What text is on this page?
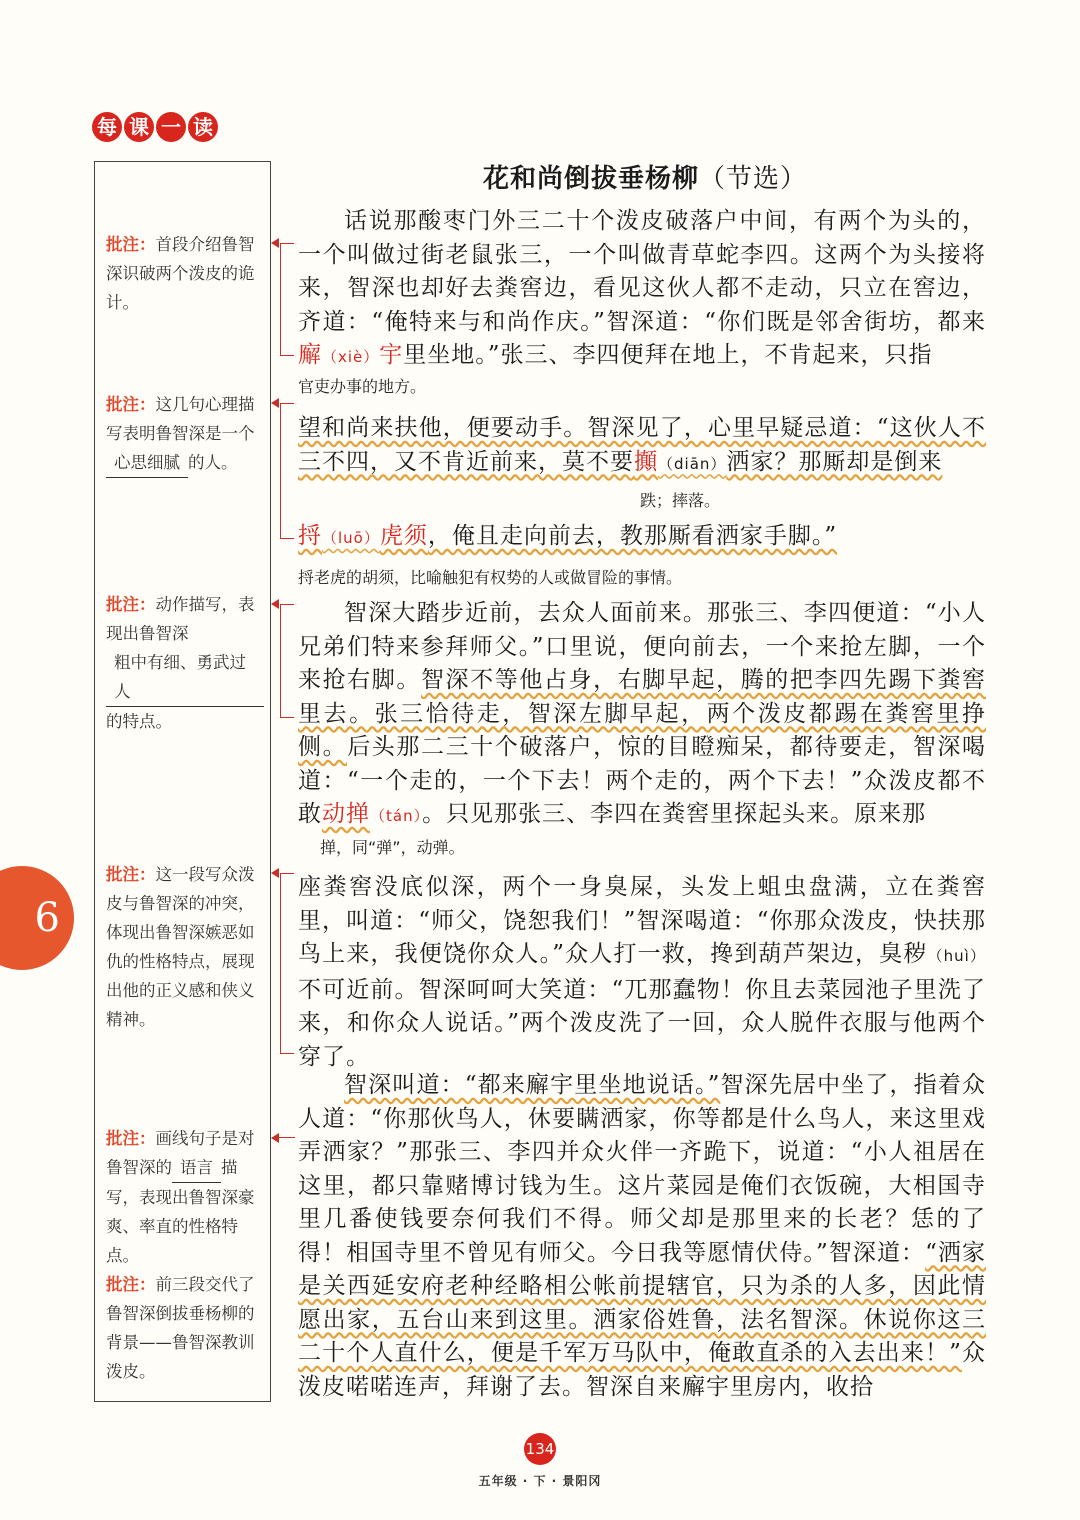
每 课 一 读
6
批注：首段介绍鲁智深识破两个泼皮的诡计。
批注：这几句心理描写表明鲁智深是一个心思细腻 的人。
批注：动作描写，表现出鲁智深粗中有细、勇武过人的特点。
批注：这一段写众泼皮与鲁智深的冲突，体现出鲁智深嫉恶如仇的性格特点，展现出他的正义感和侠义精神。
批注：画线句子是对鲁智深的 语言 描写，表现出鲁智深豪爽、率直的性格特点。
批注：前三段交代了鲁智深倒拔垂杨柳的背景——鲁智深教训泼皮。
花和尚倒拔垂杨柳（节选）

话说那酸枣门外三二十个泼皮破落户中间，有两个为头的，一个叫做过街老鼠张三，一个叫做青草蛇李四。这两个为头接将来，智深也却好去粪窖边，看见这伙人都不走动，只立在窖边，齐道：“俺特来与和尚作庆。”智深道：“你们既是邻舍街坊，都来廨（xiè）宇里坐地。”张三、李四便拜在地上，不肯起来，只指

官吏办事的地方。

望和尚来扶他，便要动手。智深见了，心里早疑忌道：“这伙人不三不四，又不肯近前来，莫不要攧（diān）洒家？那厮却是倒来

跌；摔落。

捋（luō）虎须，俺且走向前去，教那厮看洒家手脚。”

捋老虎的胡须，比喻触犯有权势的人或做冒险的事情。

智深大踏步近前，去众人面前来。那张三、李四便道：“小人兄弟们特来参拜师父。”口里说，便向前去，一个来抢左脚，一个来抢右脚。智深不等他占身，右脚早起，腾的把李四先踢下粪窖里去。张三恰待走，智深左脚早起，两个泼皮都踢在粪窖里挣侧。后头那二三十个破落户，惊的目瞪痴呆，都待要走，智深喝道：“一个走的，一个下去！两个走的，两个下去！”众泼皮都不敢动掸（tán）。只见那张三、李四在粪窖里探起头来。原来那

掸，同“弹”，动弹。

座粪窖没底似深，两个一身臭屎，头发上蛆虫盘满，立在粪窖里，叫道：“师父，饶恕我们！”智深喝道：“你那众泼皮，快扶那鸟上来，我便饶你众人。”众人打一救，搀到葫芦架边，臭秽（huì）不可近前。智深呵呵大笑道：“兀那蠢物！你且去菜园池子里洗了来，和你众人说话。”两个泼皮洗了一回，众人脱件衣服与他两个穿了。

智深叫道：“都来廨宇里坐地说话。”智深先居中坐了，指着众人道：“你那伙鸟人，休要瞒洒家，你等都是什么鸟人，来这里戏弄洒家？”那张三、李四并众火伴一齐跪下，说道：“小人祖居在这里，都只靠赌博讨钱为生。这片菜园是俺们衣饭碗，大相国寺里几番使钱要奈何我们不得。师父却是那里来的长老？恁的了得！相国寺里不曾见有师父。今日我等愿情伏侍。”智深道：“洒家是关西延安府老种经略相公帐前提辖官，只为杀的人多，因此情愿出家，五台山来到这里。洒家俗姓鲁，法名智深。休说你这三二十个人直什么，便是千军万马队中，俺敢直杀的入去出来！”众泼皮喏喏连声，拜谢了去。智深自来廨宇里房内，收拾

134
五年级 · 下 · 景阳冈
